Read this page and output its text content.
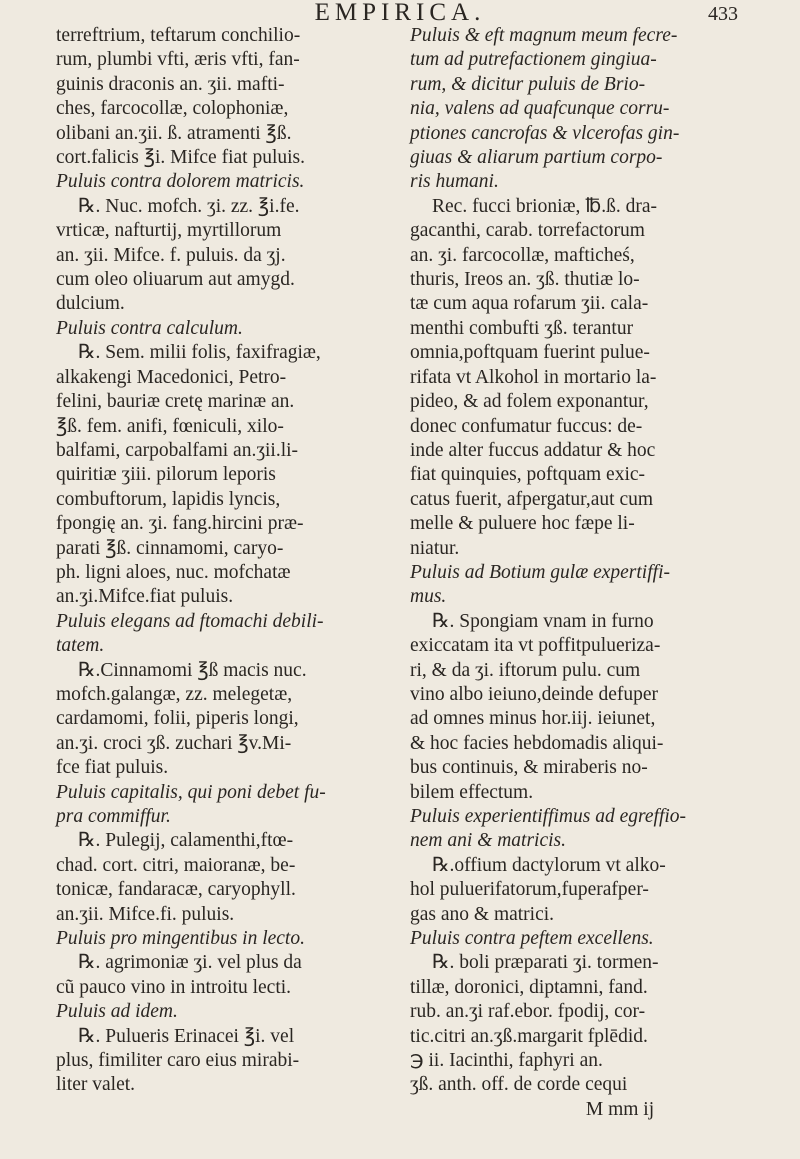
EMPIRICA.	433

terreftrium, teftarum conchilio-
rum, plumbi vfti, æris vfti, fan-
guinis draconis an. ʒii. mafti-
ches, farcocollæ, colophoniæ,
olibani an.ʒii. ß. atramenti ℥ß.
cort.falicis ℥i. Mifce fiat puluis.

Puluis contra dolorem matricis.

℞. Nuc. mofch. ʒi. zz. ℥i.fe.
vrticæ, nafturtij, myrtillorum
an. ʒii. Mifce. f. puluis. da ʒj.
cum oleo oliuarum aut amygd.
dulcium.

Puluis contra calculum.

℞. Sem. milii folis, faxifragiæ,
alkakengi Macedonici, Petro-
felini, bauriæ cretę marinæ an.
℥ß. fem. anifi, fœniculi, xilo-
balfami, carpobalfami an.ʒii.li-
quiritiæ ʒiii. pilorum leporis
combuftorum, lapidis lyncis,
fpongię an. ʒi. fang.hircini præ-
parati ℥ß. cinnamomi, caryo-
ph. ligni aloes, nuc. mofchatæ
an.ʒi.Mifce.fiat puluis.

Puluis elegans ad ftomachi debili-
tatem.

℞.Cinnamomi ℥ß macis nuc.
mofch.galangæ, zz. melegetæ,
cardamomi, folii, piperis longi,
an.ʒi. croci ʒß. zuchari ℥v.Mi-
fce fiat puluis.

Puluis capitalis, qui poni debet fu-
pra commiffur.

℞. Pulegij, calamenthi,ftœ-
chad. cort. citri, maioranæ, be-
tonicæ, fandaracæ, caryophyll.
an.ʒii. Mifce.fi. puluis.

Puluis pro mingentibus in lecto.

℞. agrimoniæ ʒi. vel plus da
cũ pauco vino in introitu lecti.

Puluis ad idem.

℞. Pulueris Erinacei ℥i. vel
plus, fimiliter caro eius mirabi-
liter valet.

Puluis & eft magnum meum fecre-
tum ad putrefactionem gingiua-
rum, & dicitur puluis de Brio-
nia, valens ad quafcunque corru-
ptiones cancrofas & vlcerofas gin-
giuas & aliarum partium corpo-
ris humani.

Rec. fucci brioniæ, ℔.ß. dra-
gacanthi, carab. torrefactorum
an. ʒi. farcocollæ, mafticheś,
thuris, Ireos an. ʒß. thutiæ lo-
tæ cum aqua rofarum ʒii. cala-
menthi combufti ʒß. terantur
omnia,poftquam fuerint pulue-
rifata vt Alkohol in mortario la-
pideo, & ad folem exponantur,
donec confumatur fuccus: de-
inde alter fuccus addatur & hoc
fiat quinquies, poftquam exic-
catus fuerit, afpergatur,aut cum
melle & puluere hoc fæpe li-
niatur.

Puluis ad Botium gulæ expertiffi-
mus.

℞. Spongiam vnam in furno
exiccatam ita vt poffitpulueriza-
ri, & da ʒi. iftorum pulu. cum
vino albo ieiuno,deinde defuper
ad omnes minus hor.iij. ieiunet,
& hoc facies hebdomadis aliqui-
bus continuis, & miraberis no-
bilem effectum.

Puluis experientiffimus ad egreffio-
nem ani & matricis.

℞.offium dactylorum vt alko-
hol puluerifatorum,fuperafper-
gas ano & matrici.

Puluis contra peftem excellens.

℞. boli præparati ʒi. tormen-
tillæ, doronici, diptamni, fand.
rub. an.ʒi raf.ebor. fpodij, cor-
tic.citri an.ʒß.margarit fplēdid.
℈ ii. Iacinthi, faphyri an.
ʒß. anth. off. de corde cequi

M mm ij
